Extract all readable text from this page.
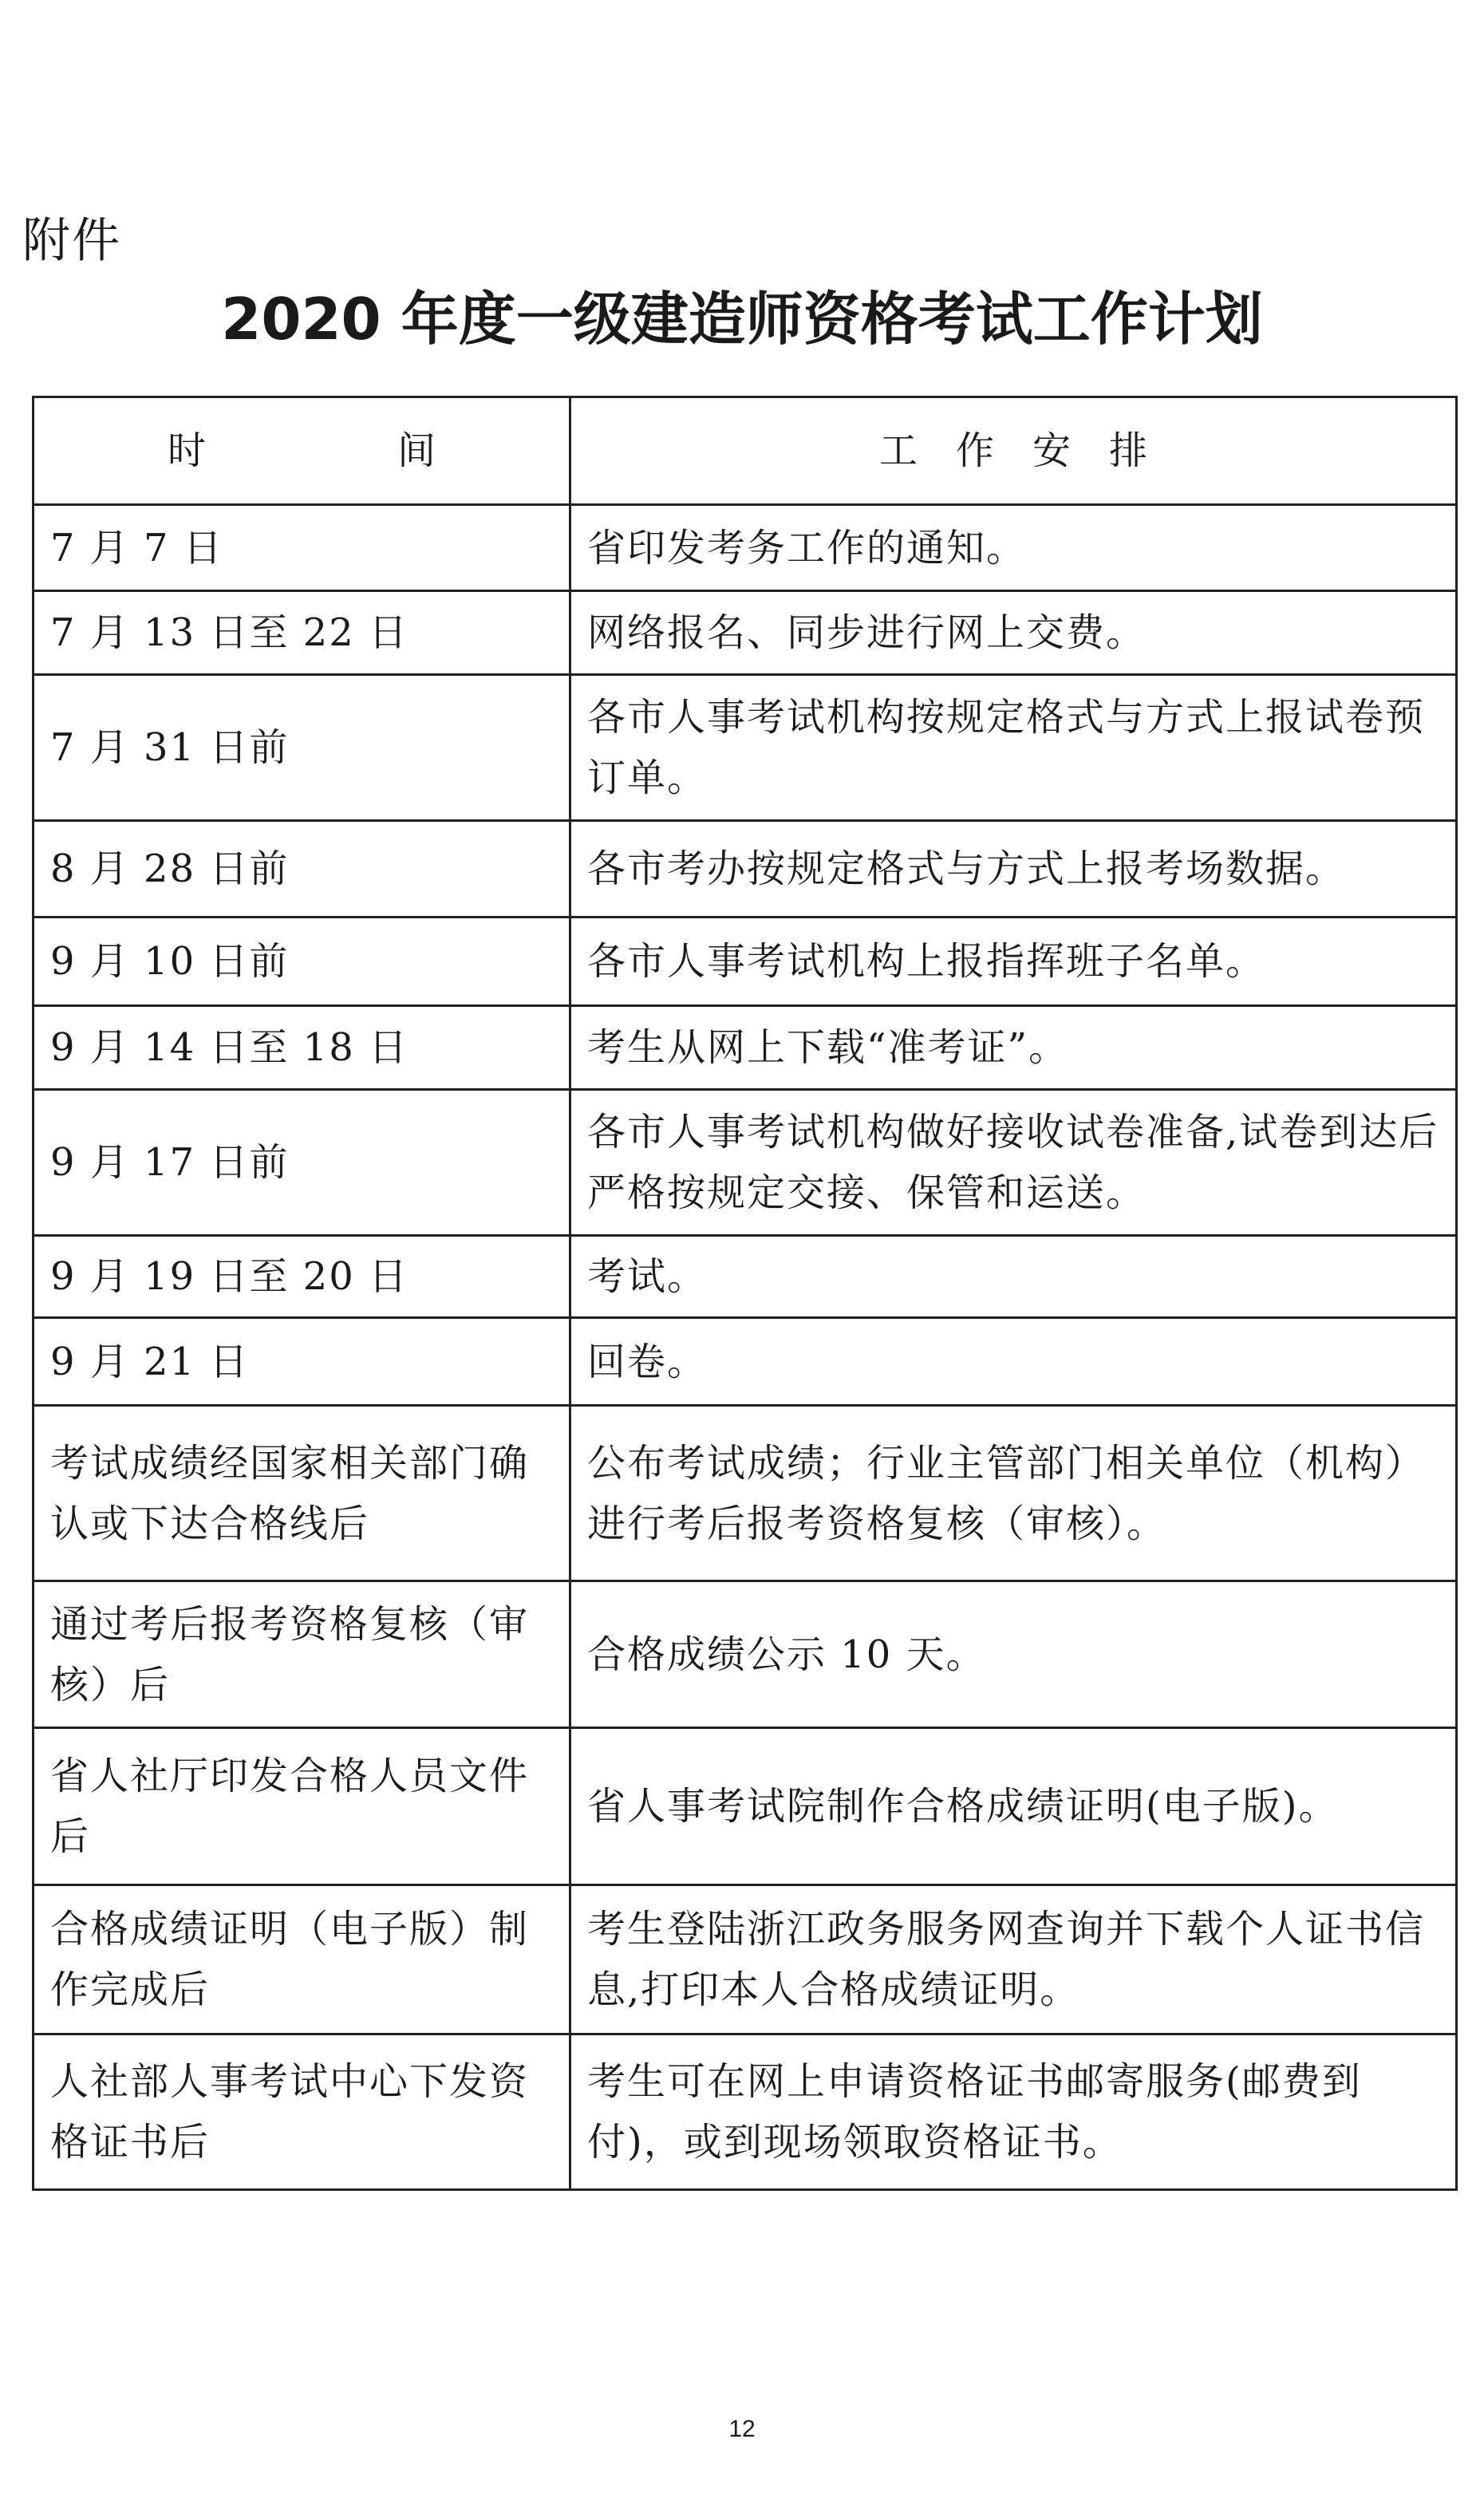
附件
2020 年度一级建造师资格考试工作计划
时　　　　　间	工　作　安　排
7 月 7 日	省印发考务工作的通知。
7 月 13 日至 22 日	网络报名、同步进行网上交费。
7 月 31 日前	各市人事考试机构按规定格式与方式上报试卷预订单。
8 月 28 日前	各市考办按规定格式与方式上报考场数据。
9 月 10 日前	各市人事考试机构上报指挥班子名单。
9 月 14 日至 18 日	考生从网上下载“准考证”。
9 月 17 日前	各市人事考试机构做好接收试卷准备,试卷到达后严格按规定交接、保管和运送。
9 月 19 日至 20 日	考试。
9 月 21 日	回卷。
考试成绩经国家相关部门确认或下达合格线后	公布考试成绩；行业主管部门相关单位（机构）进行考后报考资格复核（审核）。
通过考后报考资格复核（审核）后	合格成绩公示 10 天。
省人社厅印发合格人员文件后	省人事考试院制作合格成绩证明(电子版)。
合格成绩证明（电子版）制作完成后	考生登陆浙江政务服务网查询并下载个人证书信息,打印本人合格成绩证明。
人社部人事考试中心下发资格证书后	考生可在网上申请资格证书邮寄服务(邮费到付)，或到现场领取资格证书。
12
